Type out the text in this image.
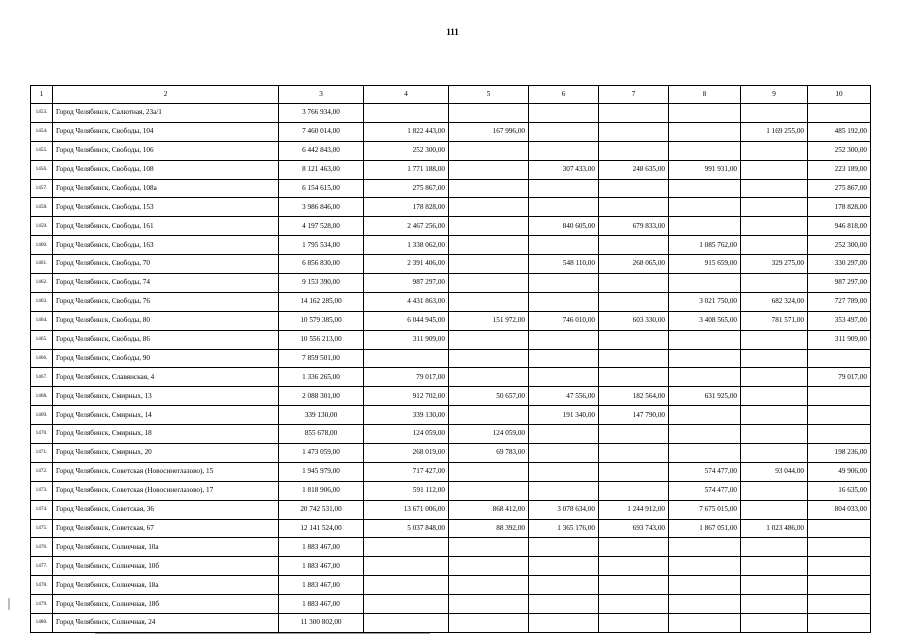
111
1	2	3	4	5	6	7	8	9	10
1453.	Город Челябинск, Салютная, 23а/1	3 766 934,00							
1454.	Город Челябинск, Свободы, 104	7 460 014,00	1 822 443,00	167 996,00				1 169 255,00	485 192,00
1455.	Город Челябинск, Свободы, 106	6 442 843,00	252 300,00						252 300,00
1456.	Город Челябинск, Свободы, 108	8 121 463,00	1 771 188,00		307 433,00	248 635,00	991 931,00		223 189,00
1457.	Город Челябинск, Свободы, 108а	6 154 615,00	275 867,00						275 867,00
1458.	Город Челябинск, Свободы, 153	3 986 846,00	178 828,00						178 828,00
1459.	Город Челябинск, Свободы, 161	4 197 528,00	2 467 256,00		840 605,00	679 833,00			946 818,00
1460.	Город Челябинск, Свободы, 163	1 795 534,00	1 338 062,00				1 085 762,00		252 300,00
1461.	Город Челябинск, Свободы, 70	6 856 830,00	2 391 406,00		548 110,00	268 065,00	915 659,00	329 275,00	330 297,00
1462.	Город Челябинск, Свободы, 74	9 153 390,00	987 297,00						987 297,00
1463.	Город Челябинск, Свободы, 76	14 162 285,00	4 431 863,00				3 021 750,00	682 324,00	727 789,00
1464.	Город Челябинск, Свободы, 80	10 579 385,00	6 044 945,00	151 972,00	746 010,00	603 330,00	3 408 565,00	781 571,00	353 497,00
1465.	Город Челябинск, Свободы, 86	10 556 213,00	311 909,00						311 909,00
1466.	Город Челябинск, Свободы, 90	7 859 501,00							
1467.	Город Челябинск, Славянская, 4	1 336 265,00	79 017,00						79 017,00
1468.	Город Челябинск, Смирных, 13	2 088 301,00	912 702,00	50 657,00	47 556,00	182 564,00	631 925,00		
1469.	Город Челябинск, Смирных, 14	339 130,00	339 130,00		191 340,00	147 790,00			
1470.	Город Челябинск, Смирных, 18	855 678,00	124 059,00	124 059,00					
1471.	Город Челябинск, Смирных, 20	1 473 059,00	268 019,00	69 783,00					198 236,00
1472.	Город Челябинск, Советская (Новосинеглазово), 15	1 945 979,00	717 427,00				574 477,00	93 044,00	49 906,00
1473.	Город Челябинск, Советская (Новосинеглазово), 17	1 818 906,00	591 112,00				574 477,00		16 635,00
1474.	Город Челябинск, Советская, 36	20 742 531,00	13 671 006,00	868 412,00	3 078 634,00	1 244 912,00	7 675 015,00		804 033,00
1475.	Город Челябинск, Советская, 67	12 141 524,00	5 037 848,00	88 392,00	1 365 176,00	693 743,00	1 867 051,00	1 023 486,00	
1476.	Город Челябинск, Солнечная, 10а	1 883 467,00							
1477.	Город Челябинск, Солнечная, 10б	1 883 467,00							
1478.	Город Челябинск, Солнечная, 18а	1 883 467,00							
1479.	Город Челябинск, Солнечная, 18б	1 883 467,00							
1480.	Город Челябинск, Солнечная, 24	11 300 802,00							
